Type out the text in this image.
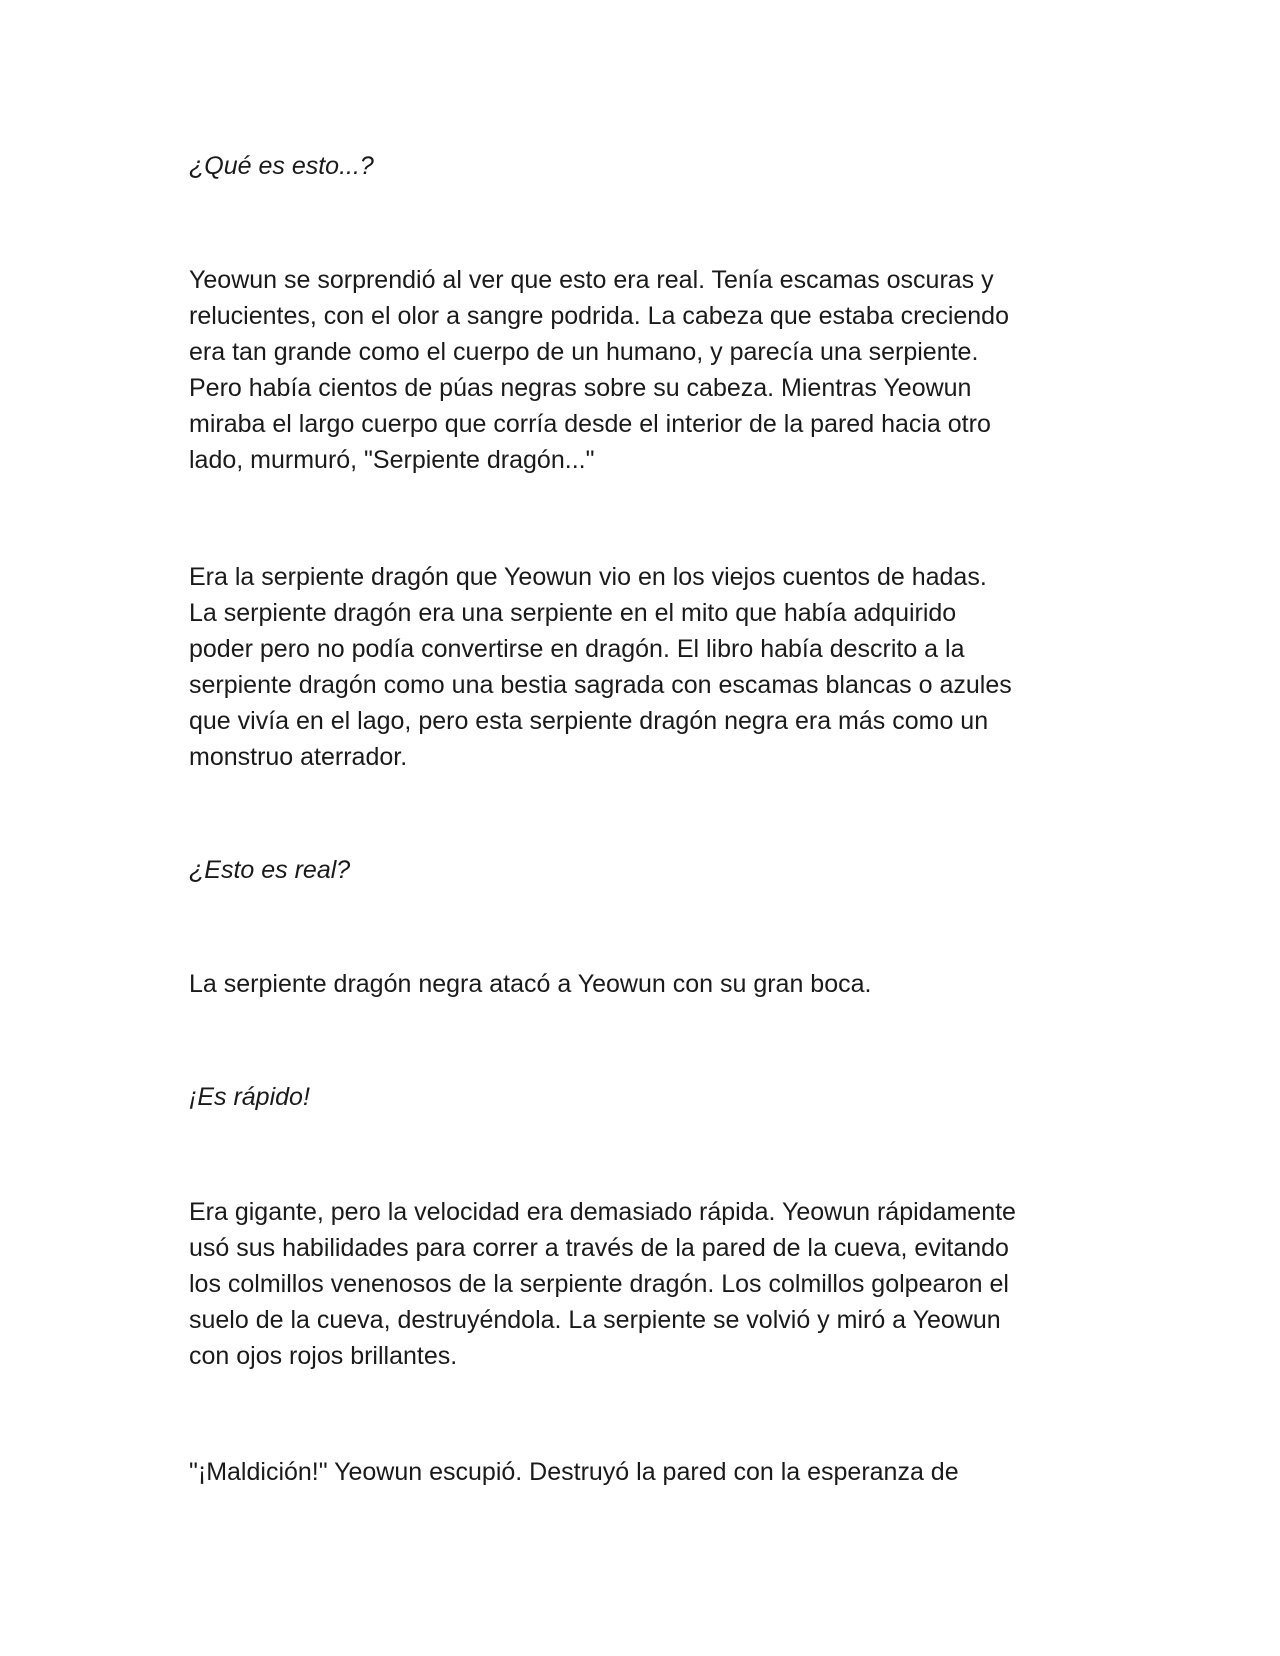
¿Qué es esto...?

Yeowun se sorprendió al ver que esto era real. Tenía escamas oscuras y
relucientes, con el olor a sangre podrida. La cabeza que estaba creciendo
era tan grande como el cuerpo de un humano, y parecía una serpiente.
Pero había cientos de púas negras sobre su cabeza. Mientras Yeowun
miraba el largo cuerpo que corría desde el interior de la pared hacia otro
lado, murmuró, "Serpiente dragón..."

Era la serpiente dragón que Yeowun vio en los viejos cuentos de hadas.
La serpiente dragón era una serpiente en el mito que había adquirido
poder pero no podía convertirse en dragón. El libro había descrito a la
serpiente dragón como una bestia sagrada con escamas blancas o azules
que vivía en el lago, pero esta serpiente dragón negra era más como un
monstruo aterrador.

¿Esto es real?

La serpiente dragón negra atacó a Yeowun con su gran boca.

¡Es rápido!

Era gigante, pero la velocidad era demasiado rápida. Yeowun rápidamente
usó sus habilidades para correr a través de la pared de la cueva, evitando
los colmillos venenosos de la serpiente dragón. Los colmillos golpearon el
suelo de la cueva, destruyéndola. La serpiente se volvió y miró a Yeowun
con ojos rojos brillantes.

"¡Maldición!" Yeowun escupió. Destruyó la pared con la esperanza de
